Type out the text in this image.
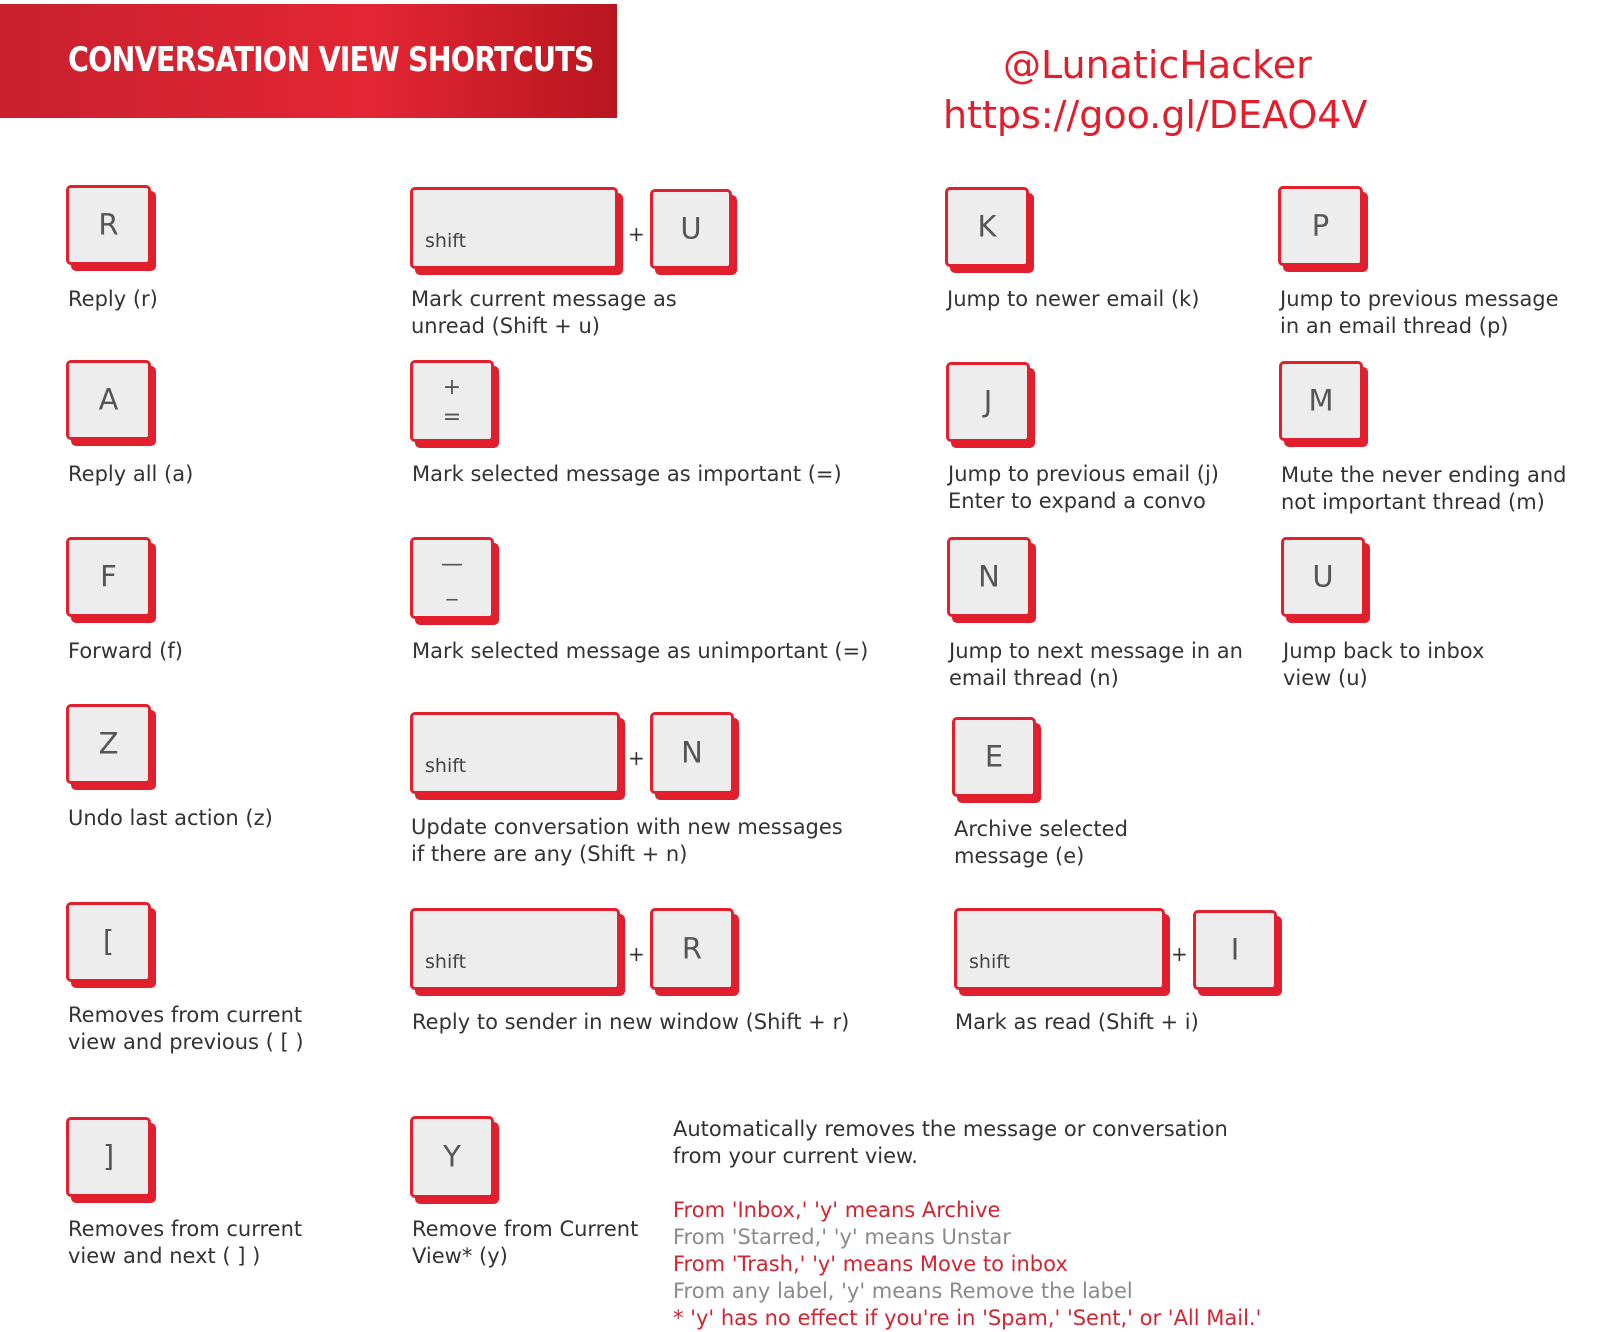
CONVERSATION VIEW SHORTCUTS	@LunaticHacker
https://goo.gl/DEAO4V
R
Reply (r)
shift	+	U
Mark current message as
unread (Shift + u)
K
Jump to newer email (k)
P
Jump to previous message
in an email thread (p)
A
Reply all (a)
+
=
Mark selected message as important (=)
J
Jump to previous email (j)
Enter to expand a convo
M
Mute the never ending and
not important thread (m)
F
Forward (f)
—
_
Mark selected message as unimportant (=)
N
Jump to next message in an
email thread (n)
U
Jump back to inbox
view (u)
Z
Undo last action (z)
shift	+	N
Update conversation with new messages
if there are any (Shift + n)
E
Archive selected
message (e)
[
Removes from current
view and previous ( [ )
shift	+	R
Reply to sender in new window (Shift + r)
shift	+	I
Mark as read (Shift + i)
]
Removes from current
view and next ( ] )
Y
Remove from Current
View* (y)
Automatically removes the message or conversation
from your current view.
From 'Inbox,' 'y' means Archive
From 'Starred,' 'y' means Unstar
From 'Trash,' 'y' means Move to inbox
From any label, 'y' means Remove the label
* 'y' has no effect if you're in 'Spam,' 'Sent,' or 'All Mail.'
